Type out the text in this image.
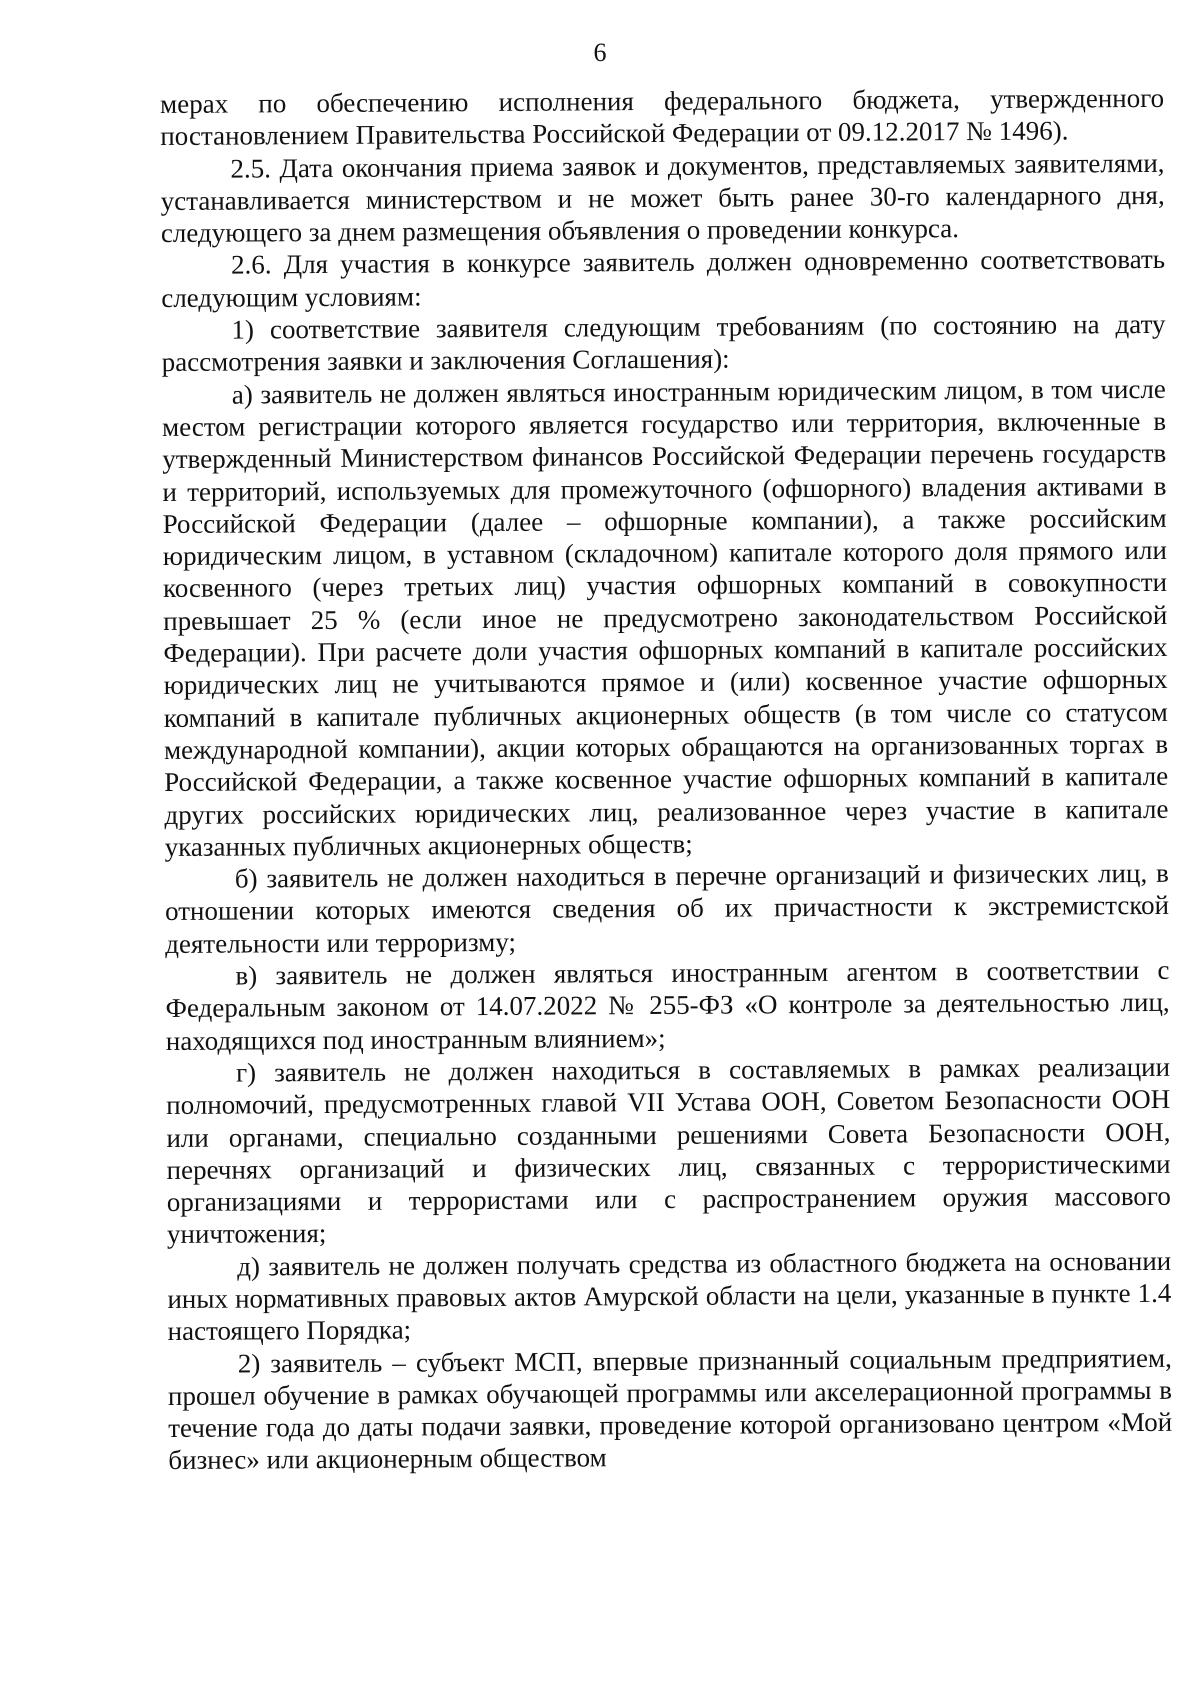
6

мерах по обеспечению исполнения федерального бюджета, утвержденного постановлением Правительства Российской Федерации от 09.12.2017 № 1496).

2.5. Дата окончания приема заявок и документов, представляемых заявителями, устанавливается министерством и не может быть ранее 30-го календарного дня, следующего за днем размещения объявления о проведении конкурса.

2.6. Для участия в конкурсе заявитель должен одновременно соответствовать следующим условиям:

1) соответствие заявителя следующим требованиям (по состоянию на дату рассмотрения заявки и заключения Соглашения):

а) заявитель не должен являться иностранным юридическим лицом, в том числе местом регистрации которого является государство или территория, включенные в утвержденный Министерством финансов Российской Федерации перечень государств и территорий, используемых для промежуточного (офшорного) владения активами в Российской Федерации (далее – офшорные компании), а также российским юридическим лицом, в уставном (складочном) капитале которого доля прямого или косвенного (через третьих лиц) участия офшорных компаний в совокупности превышает 25 % (если иное не предусмотрено законодательством Российской Федерации). При расчете доли участия офшорных компаний в капитале российских юридических лиц не учитываются прямое и (или) косвенное участие офшорных компаний в капитале публичных акционерных обществ (в том числе со статусом международной компании), акции которых обращаются на организованных торгах в Российской Федерации, а также косвенное участие офшорных компаний в капитале других российских юридических лиц, реализованное через участие в капитале указанных публичных акционерных обществ;

б) заявитель не должен находиться в перечне организаций и физических лиц, в отношении которых имеются сведения об их причастности к экстремистской деятельности или терроризму;

в) заявитель не должен являться иностранным агентом в соответствии с Федеральным законом от 14.07.2022 № 255-ФЗ «О контроле за деятельностью лиц, находящихся под иностранным влиянием»;

г) заявитель не должен находиться в составляемых в рамках реализации полномочий, предусмотренных главой VII Устава ООН, Советом Безопасности ООН или органами, специально созданными решениями Совета Безопасности ООН, перечнях организаций и физических лиц, связанных с террористическими организациями и террористами или с распространением оружия массового уничтожения;

д) заявитель не должен получать средства из областного бюджета на основании иных нормативных правовых актов Амурской области на цели, указанные в пункте 1.4 настоящего Порядка;

2) заявитель – субъект МСП, впервые признанный социальным предприятием, прошел обучение в рамках обучающей программы или акселерационной программы в течение года до даты подачи заявки, проведение которой организовано центром «Мой бизнес» или акционерным обществом
